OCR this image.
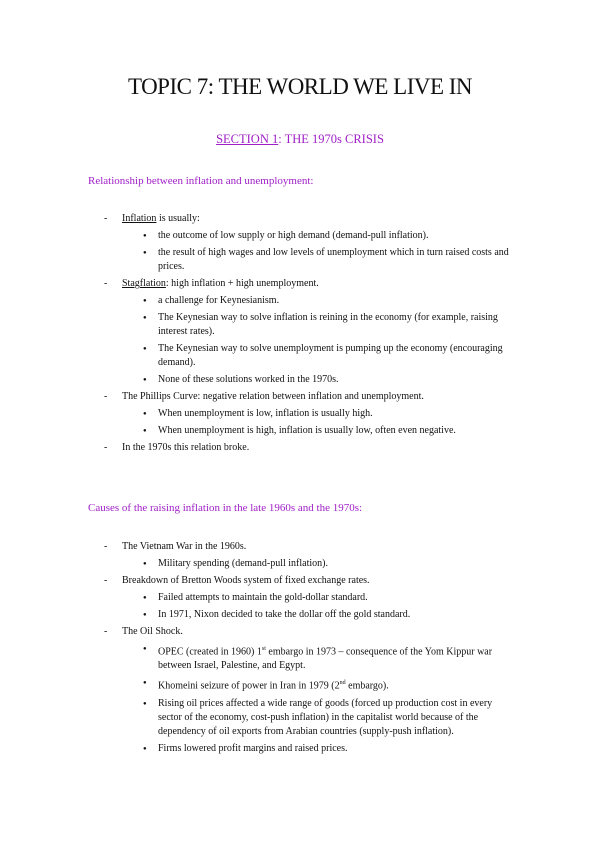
TOPIC 7: THE WORLD WE LIVE IN
SECTION 1: THE 1970s CRISIS
Relationship between inflation and unemployment:
- Inflation is usually:
● the outcome of low supply or high demand (demand-pull inflation).
● the result of high wages and low levels of unemployment which in turn raised costs and prices.
- Stagflation: high inflation + high unemployment.
● a challenge for Keynesianism.
● The Keynesian way to solve inflation is reining in the economy (for example, raising interest rates).
● The Keynesian way to solve unemployment is pumping up the economy (encouraging demand).
● None of these solutions worked in the 1970s.
- The Phillips Curve: negative relation between inflation and unemployment.
● When unemployment is low, inflation is usually high.
● When unemployment is high, inflation is usually low, often even negative.
- In the 1970s this relation broke.
Causes of the raising inflation in the late 1960s and the 1970s:
- The Vietnam War in the 1960s.
● Military spending (demand-pull inflation).
- Breakdown of Bretton Woods system of fixed exchange rates.
● Failed attempts to maintain the gold-dollar standard.
● In 1971, Nixon decided to take the dollar off the gold standard.
- The Oil Shock.
● OPEC (created in 1960) 1st embargo in 1973 – consequence of the Yom Kippur war between Israel, Palestine, and Egypt.
● Khomeini seizure of power in Iran in 1979 (2nd embargo).
● Rising oil prices affected a wide range of goods (forced up production cost in every sector of the economy, cost-push inflation) in the capitalist world because of the dependency of oil exports from Arabian countries (supply-push inflation).
● Firms lowered profit margins and raised prices.
